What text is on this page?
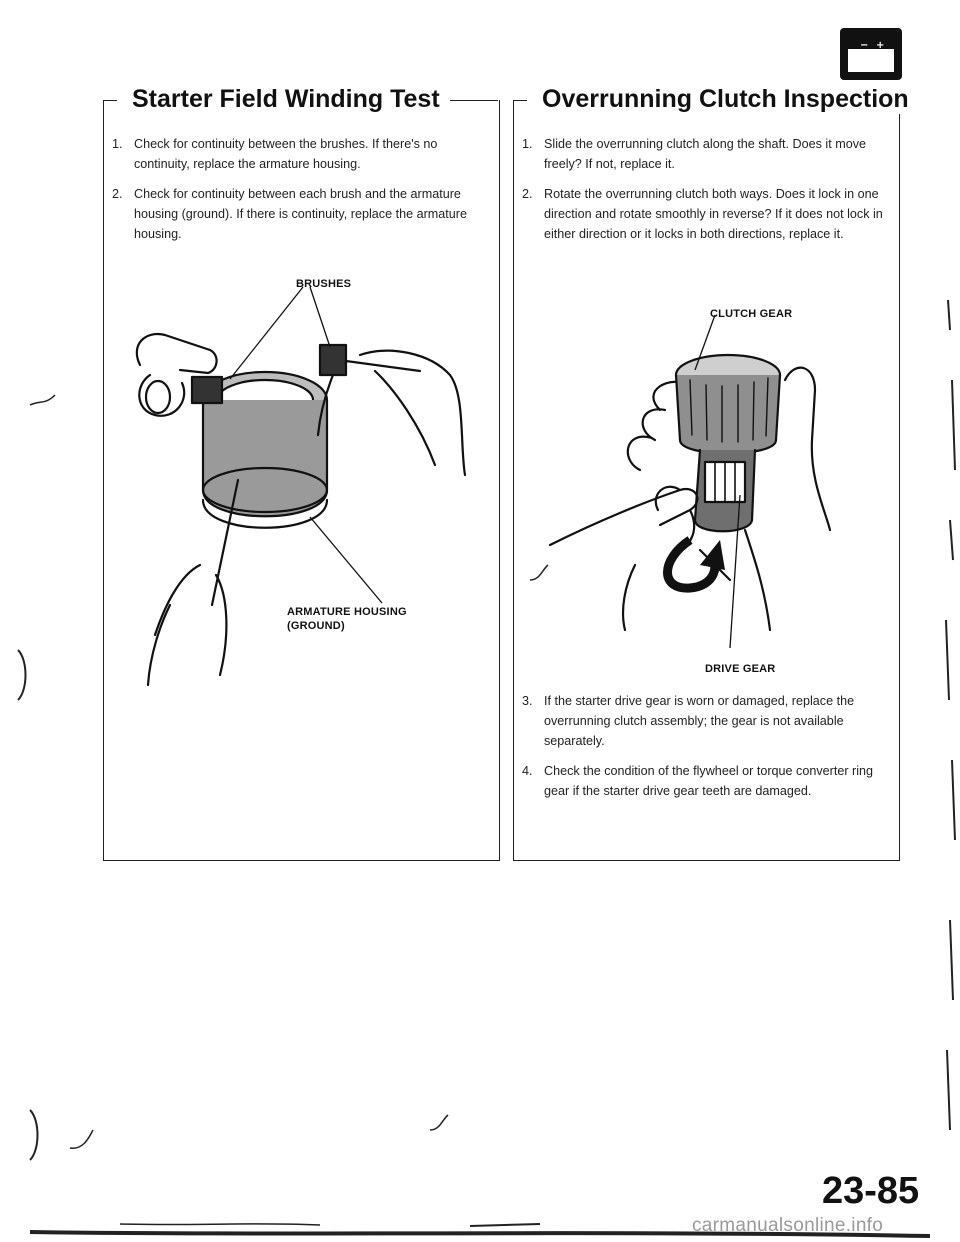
− +
Starter Field Winding Test
1. Check for continuity between the brushes. If there's no continuity, replace the armature housing.
2. Check for continuity between each brush and the armature housing (ground). If there is continuity, replace the armature housing.
BRUSHES
ARMATURE HOUSING
(GROUND)
Overrunning Clutch Inspection
1. Slide the overrunning clutch along the shaft. Does it move freely? If not, replace it.
2. Rotate the overrunning clutch both ways. Does it lock in one direction and rotate smoothly in reverse? If it does not lock in either direction or it locks in both directions, replace it.
CLUTCH GEAR
DRIVE GEAR
3. If the starter drive gear is worn or damaged, replace the overrunning clutch assembly; the gear is not available separately.
4. Check the condition of the flywheel or torque converter ring gear if the starter drive gear teeth are damaged.
23-85
carmanualsonline.info
